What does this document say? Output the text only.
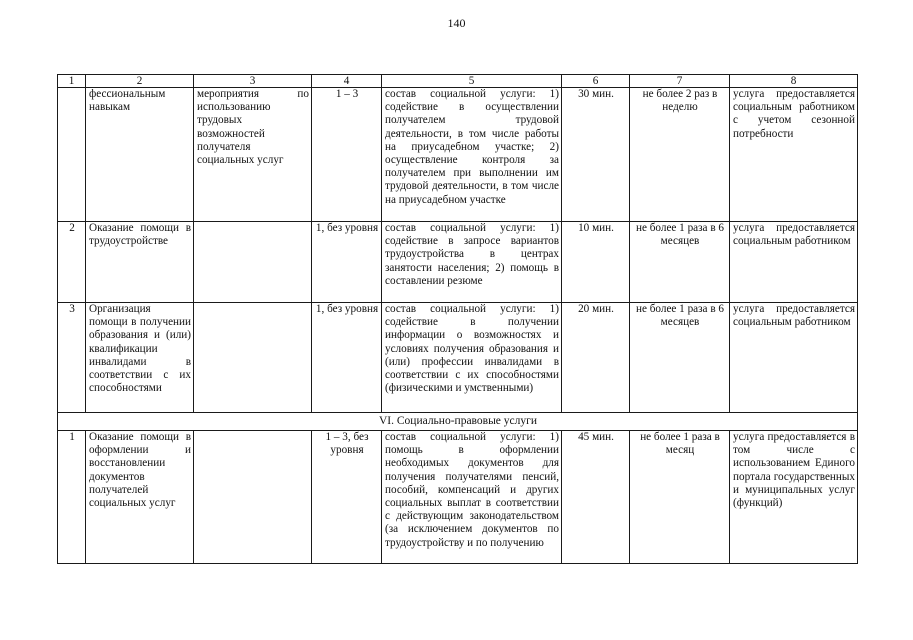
140
1	2	3	4	5	6	7	8
	фессиональным навыкам	мероприятия по использованию трудовых возможностей получателя социальных услуг	1 – 3	состав социальной услуги: 1) содействие в осуществлении получателем трудовой деятельности, в том числе работы на приусадебном участке; 2) осуществление контроля за получателем при выполнении им трудовой деятельности, в том числе на приусадебном участке	30 мин.	не более 2 раз в неделю	услуга предоставляется социальным работником с учетом сезонной потребности
2	Оказание помощи в трудоустройстве		1, без уровня	состав социальной услуги: 1) содействие в запросе вариантов трудоустройства в центрах занятости населения; 2) помощь в составлении резюме	10 мин.	не более 1 раза в 6 месяцев	услуга предоставляется социальным работником
3	Организация помощи в получении образования и (или) квалификации инвалидами в соответствии с их способностями		1, без уровня	состав социальной услуги: 1) содействие в получении информации о возможностях и условиях получения образования и (или) профессии инвалидами в соответствии с их способностями (физическими и умственными)	20 мин.	не более 1 раза в 6 месяцев	услуга предоставляется социальным работником
VI. Социально-правовые услуги							
1	Оказание помощи в оформлении и восстановлении документов получателей социальных услуг		1 – 3, без уровня	состав социальной услуги: 1) помощь в оформлении необходимых документов для получения получателями пенсий, пособий, компенсаций и других социальных выплат в соответствии с действующим законодательством (за исключением документов по трудоустройству и по получению	45 мин.	не более 1 раза в месяц	услуга предоставляется в том числе с использованием Единого портала государственных и муниципальных услуг (функций)
